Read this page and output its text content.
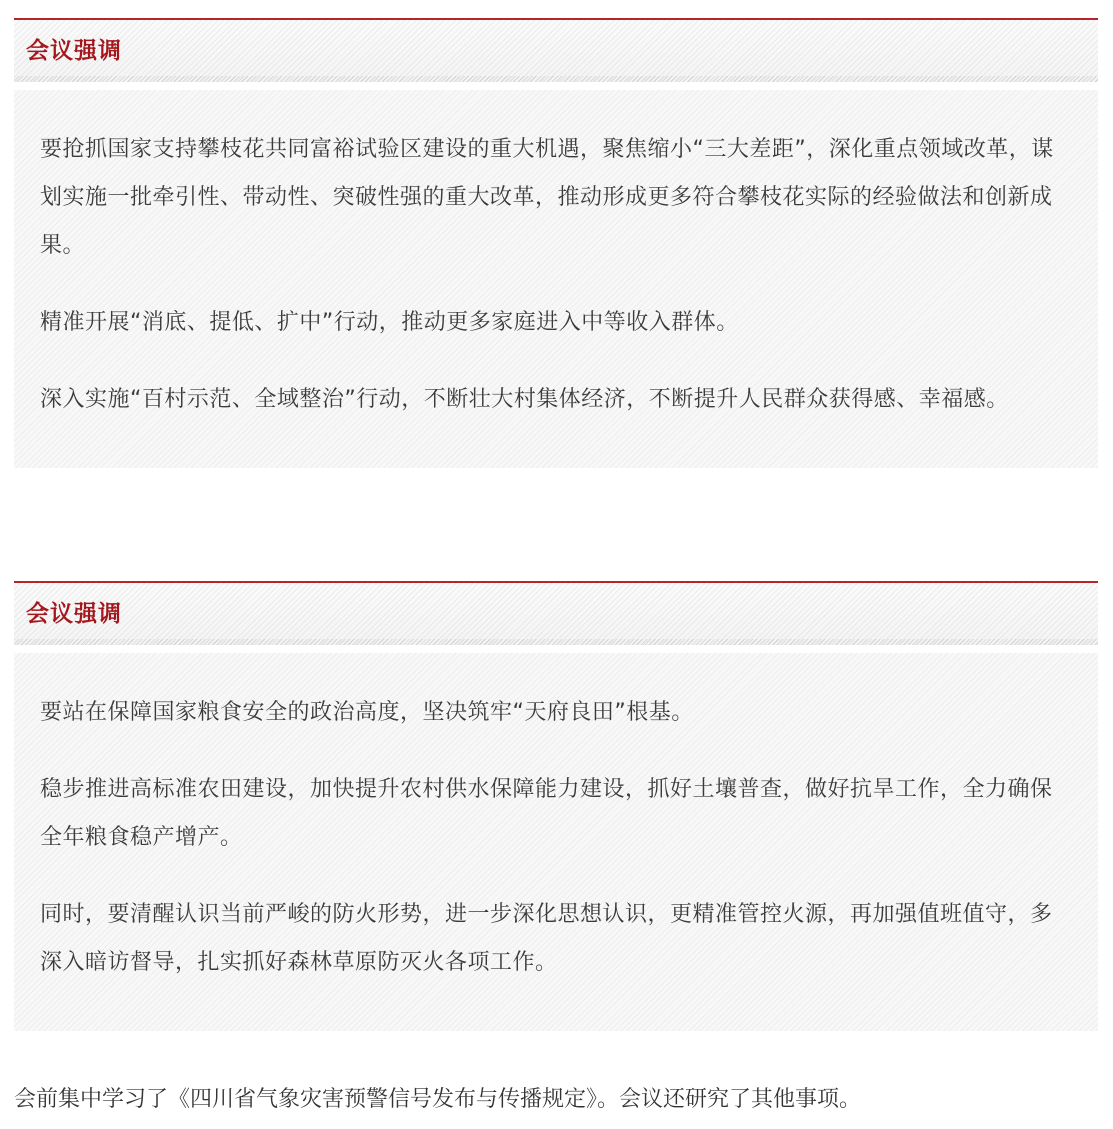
会议强调

要抢抓国家支持攀枝花共同富裕试验区建设的重大机遇，聚焦缩小“三大差距”，深化重点领域改革，谋划实施一批牵引性、带动性、突破性强的重大改革，推动形成更多符合攀枝花实际的经验做法和创新成果。

精准开展“消底、提低、扩中”行动，推动更多家庭进入中等收入群体。

深入实施“百村示范、全域整治”行动，不断壮大村集体经济，不断提升人民群众获得感、幸福感。

会议强调

要站在保障国家粮食安全的政治高度，坚决筑牢“天府良田”根基。

稳步推进高标准农田建设，加快提升农村供水保障能力建设，抓好土壤普查，做好抗旱工作，全力确保全年粮食稳产增产。

同时，要清醒认识当前严峻的防火形势，进一步深化思想认识，更精准管控火源，再加强值班值守，多深入暗访督导，扎实抓好森林草原防灭火各项工作。

会前集中学习了《四川省气象灾害预警信号发布与传播规定》。会议还研究了其他事项。
